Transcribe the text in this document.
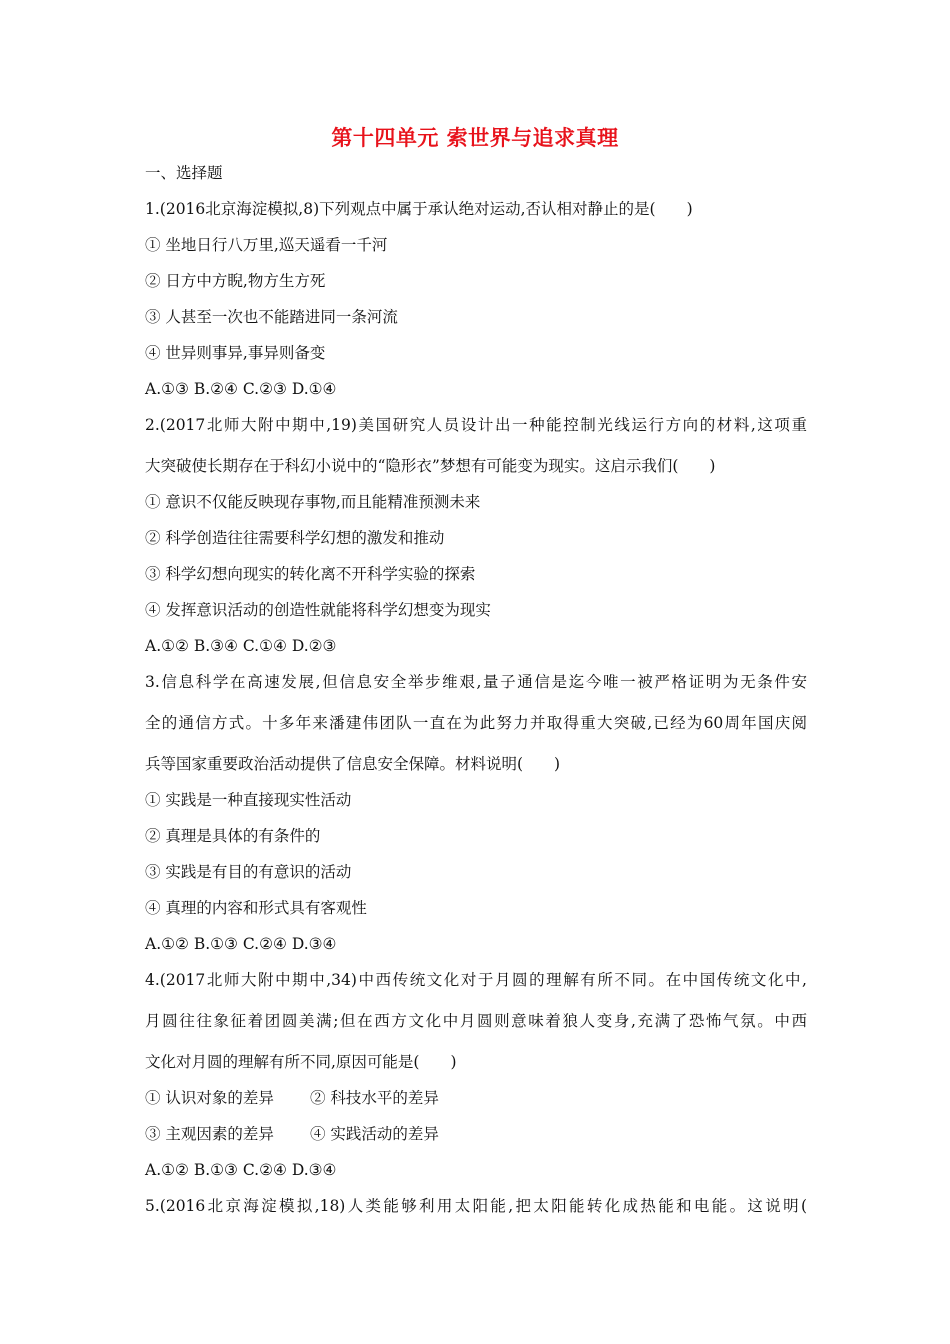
第十四单元 索世界与追求真理
一、选择题
1.(2016北京海淀模拟,8)下列观点中属于承认绝对运动,否认相对静止的是(　　)
① 坐地日行八万里,巡天遥看一千河
② 日方中方睨,物方生方死
③ 人甚至一次也不能踏进同一条河流
④ 世异则事异,事异则备变
A.①③ B.②④ C.②③ D.①④
2.(2017北师大附中期中,19)美国研究人员设计出一种能控制光线运行方向的材料,这项重
大突破使长期存在于科幻小说中的“隐形衣”梦想有可能变为现实。这启示我们(　　)
① 意识不仅能反映现存事物,而且能精准预测未来
② 科学创造往往需要科学幻想的激发和推动
③ 科学幻想向现实的转化离不开科学实验的探索
④ 发挥意识活动的创造性就能将科学幻想变为现实
A.①② B.③④ C.①④ D.②③
3.信息科学在高速发展,但信息安全举步维艰,量子通信是迄今唯一被严格证明为无条件安
全的通信方式。十多年来潘建伟团队一直在为此努力并取得重大突破,已经为60周年国庆阅
兵等国家重要政治活动提供了信息安全保障。材料说明(　　)
① 实践是一种直接现实性活动
② 真理是具体的有条件的
③ 实践是有目的有意识的活动
④ 真理的内容和形式具有客观性
A.①② B.①③ C.②④ D.③④
4.(2017北师大附中期中,34)中西传统文化对于月圆的理解有所不同。在中国传统文化中,
月圆往往象征着团圆美满;但在西方文化中月圆则意味着狼人变身,充满了恐怖气氛。中西
文化对月圆的理解有所不同,原因可能是(　　)
① 认识对象的差异 ② 科技水平的差异
③ 主观因素的差异 ④ 实践活动的差异
A.①② B.①③ C.②④ D.③④
5.(2016北京海淀模拟,18)人类能够利用太阳能,把太阳能转化成热能和电能。这说明(
